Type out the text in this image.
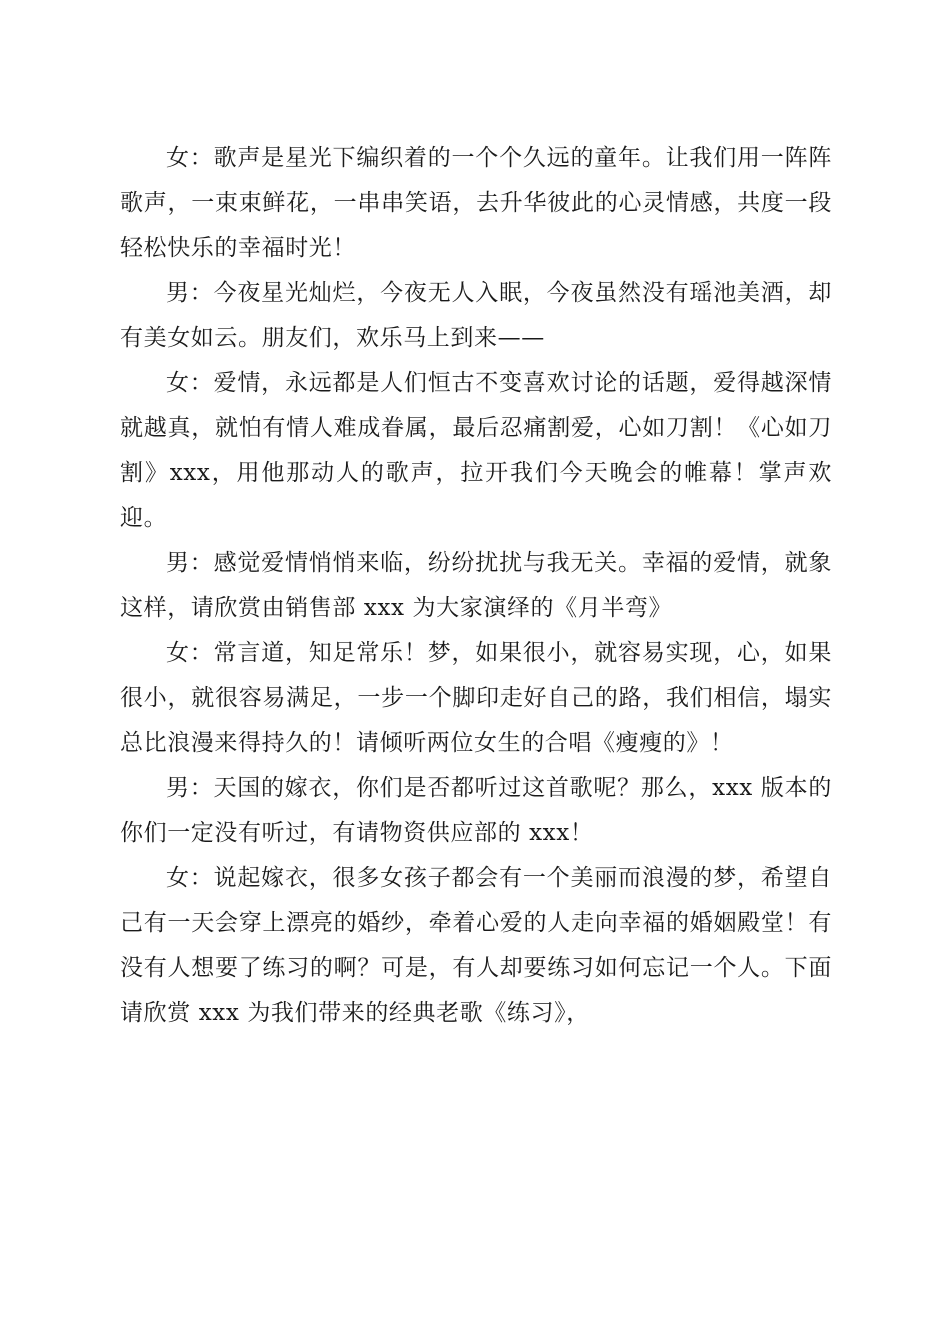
女：歌声是星光下编织着的一个个久远的童年。让我们用一阵阵歌声，一束束鲜花，一串串笑语，去升华彼此的心灵情感，共度一段轻松快乐的幸福时光！

男：今夜星光灿烂，今夜无人入眠，今夜虽然没有瑶池美酒，却有美女如云。朋友们，欢乐马上到来——

女：爱情，永远都是人们恒古不变喜欢讨论的话题，爱得越深情就越真，就怕有情人难成眷属，最后忍痛割爱，心如刀割！《心如刀割》xxx，用他那动人的歌声，拉开我们今天晚会的帷幕！掌声欢迎。

男：感觉爱情悄悄来临，纷纷扰扰与我无关。幸福的爱情，就象这样，请欣赏由销售部 xxx 为大家演绎的《月半弯》

女：常言道，知足常乐！梦，如果很小，就容易实现，心，如果很小，就很容易满足，一步一个脚印走好自己的路，我们相信，塌实总比浪漫来得持久的！请倾听两位女生的合唱《瘦瘦的》！

男：天国的嫁衣，你们是否都听过这首歌呢？那么，xxx 版本的你们一定没有听过，有请物资供应部的 xxx！

女：说起嫁衣，很多女孩子都会有一个美丽而浪漫的梦，希望自己有一天会穿上漂亮的婚纱，牵着心爱的人走向幸福的婚姻殿堂！有没有人想要了练习的啊？可是，有人却要练习如何忘记一个人。下面请欣赏 xxx 为我们带来的经典老歌《练习》，
